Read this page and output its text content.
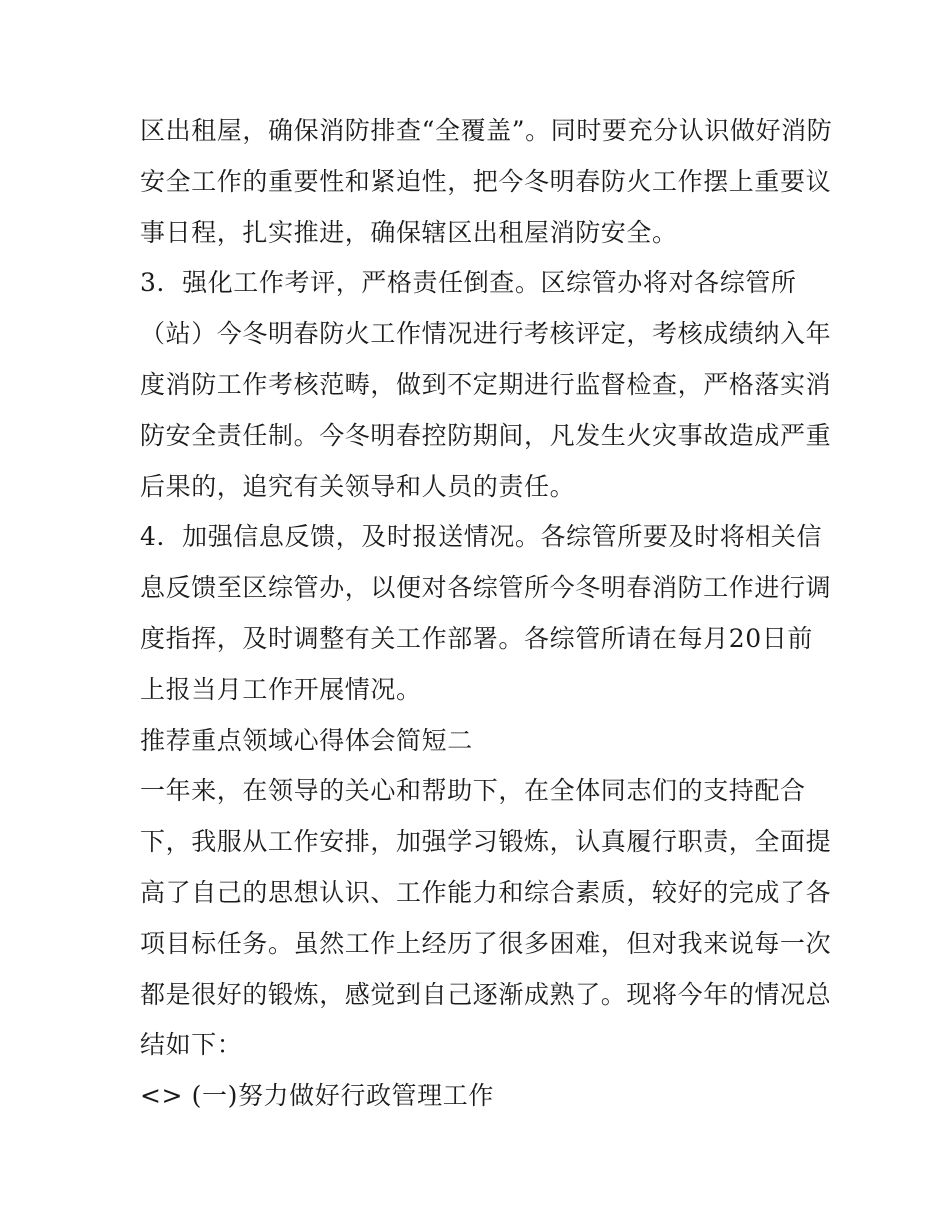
区出租屋，确保消防排查“全覆盖”。同时要充分认识做好消防
安全工作的重要性和紧迫性，把今冬明春防火工作摆上重要议
事日程，扎实推进，确保辖区出租屋消防安全。
3．强化工作考评，严格责任倒查。区综管办将对各综管所
（站）今冬明春防火工作情况进行考核评定，考核成绩纳入年
度消防工作考核范畴，做到不定期进行监督检查，严格落实消
防安全责任制。今冬明春控防期间，凡发生火灾事故造成严重
后果的，追究有关领导和人员的责任。
4．加强信息反馈，及时报送情况。各综管所要及时将相关信
息反馈至区综管办，以便对各综管所今冬明春消防工作进行调
度指挥，及时调整有关工作部署。各综管所请在每月20日前
上报当月工作开展情况。
推荐重点领域心得体会简短二
一年来，在领导的关心和帮助下，在全体同志们的支持配合
下，我服从工作安排，加强学习锻炼，认真履行职责，全面提
高了自己的思想认识、工作能力和综合素质，较好的完成了各
项目标任务。虽然工作上经历了很多困难，但对我来说每一次
都是很好的锻炼，感觉到自己逐渐成熟了。现将今年的情况总
结如下：
<> (一)努力做好行政管理工作
